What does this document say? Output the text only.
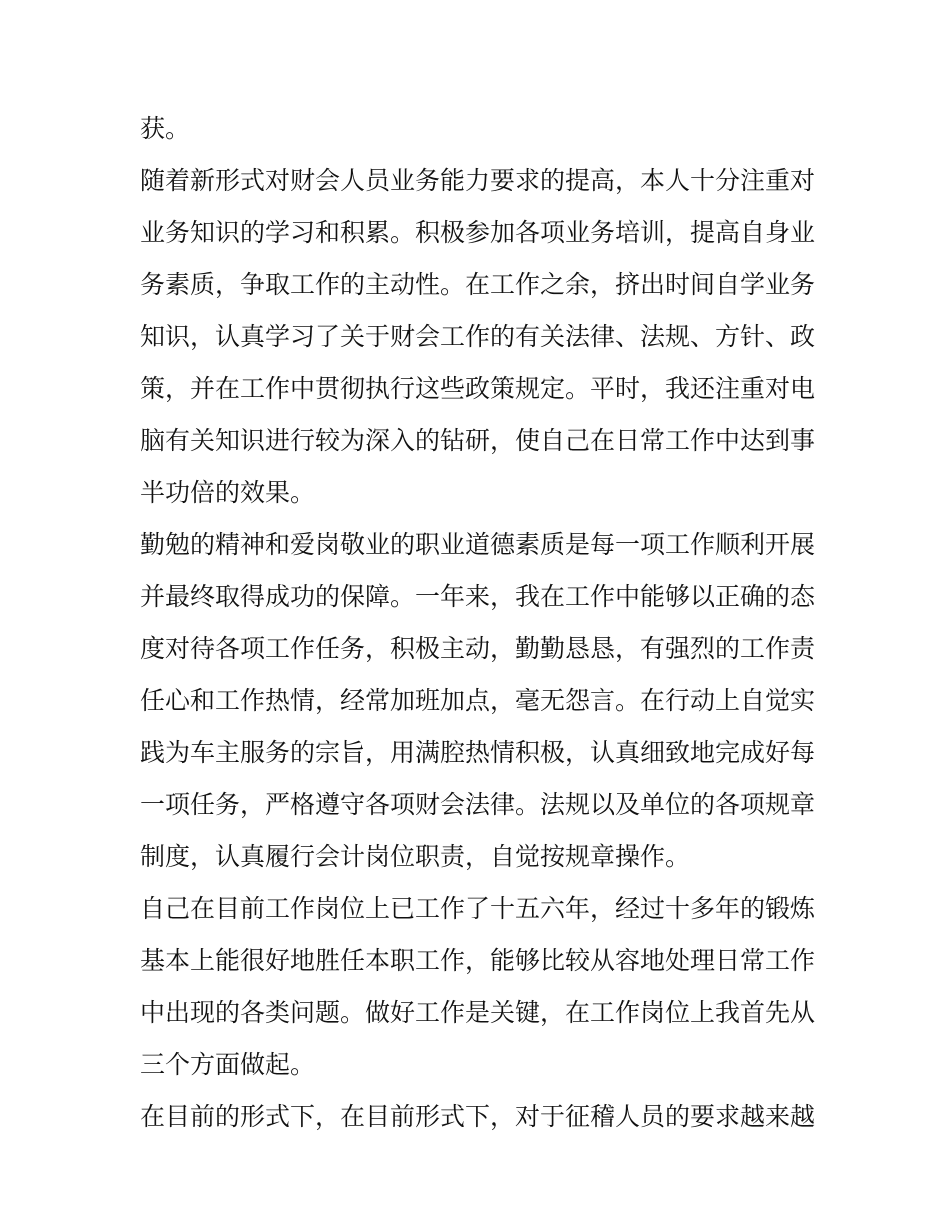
获。
随着新形式对财会人员业务能力要求的提高，本人十分注重对
业务知识的学习和积累。积极参加各项业务培训，提高自身业
务素质，争取工作的主动性。在工作之余，挤出时间自学业务
知识，认真学习了关于财会工作的有关法律、法规、方针、政
策，并在工作中贯彻执行这些政策规定。平时，我还注重对电
脑有关知识进行较为深入的钻研，使自己在日常工作中达到事
半功倍的效果。
勤勉的精神和爱岗敬业的职业道德素质是每一项工作顺利开展
并最终取得成功的保障。一年来，我在工作中能够以正确的态
度对待各项工作任务，积极主动，勤勤恳恳，有强烈的工作责
任心和工作热情，经常加班加点，毫无怨言。在行动上自觉实
践为车主服务的宗旨，用满腔热情积极，认真细致地完成好每
一项任务，严格遵守各项财会法律。法规以及单位的各项规章
制度，认真履行会计岗位职责，自觉按规章操作。
自己在目前工作岗位上已工作了十五六年，经过十多年的锻炼
基本上能很好地胜任本职工作，能够比较从容地处理日常工作
中出现的各类问题。做好工作是关键，在工作岗位上我首先从
三个方面做起。
在目前的形式下，在目前形式下，对于征稽人员的要求越来越
